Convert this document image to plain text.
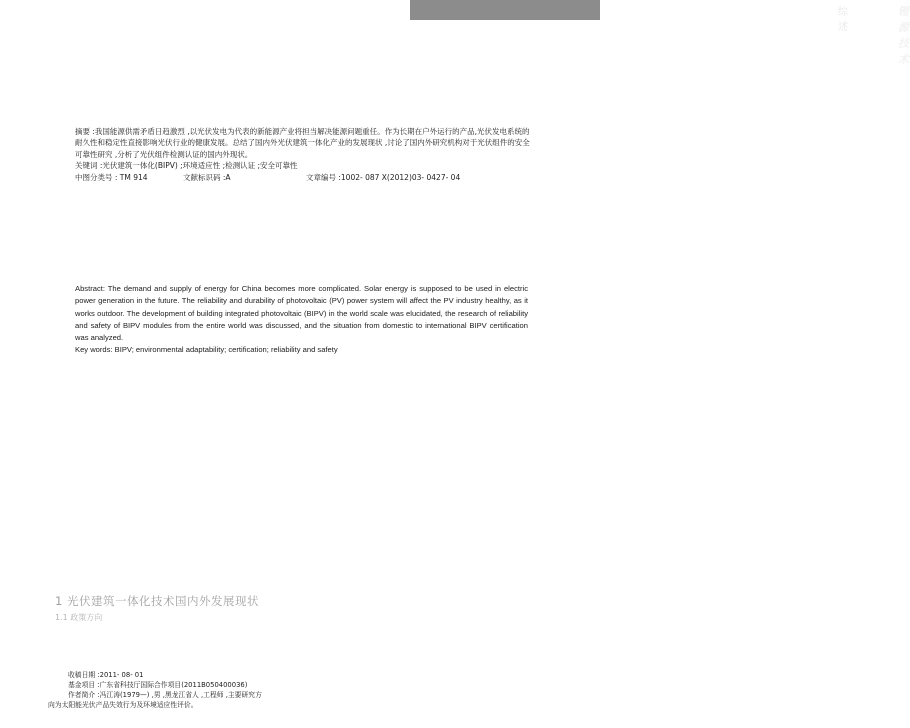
综述
锂源技术

摘要 :我国能源供需矛盾日趋激烈 ,以光伏发电为代表的新能源产业将担当解决能源问题重任。作为长期在户外运行的产品,光伏发电系统的耐久性和稳定性直接影响光伏行业的健康发展。总结了国内外光伏建筑一体化产业的发展现状 ,讨论了国内外研究机构对于光伏组件的安全可靠性研究 ,分析了光伏组件检测认证的国内外现状。

关键词 :光伏建筑一体化(BIPV) ;环境适应性 ;检测认证 ;安全可靠性

中图分类号 : TM 914	文献标识码 :A	文章编号 :1002- 087 X(2012)03- 0427- 04

Abstract: The demand and supply of energy for China becomes more complicated. Solar energy is supposed to be used in electric power generation in the future. The reliability and durability of photovoltaic (PV) power system will affect the PV industry healthy, as it works outdoor. The development of building integrated photovoltaic (BIPV) in the world scale was elucidated, the research of reliability and safety of BIPV modules from the entire world was discussed, and the situation from domestic to international BIPV certification was analyzed.

Key words: BIPV; environmental adaptability; certification; reliability and safety

1 光伏建筑一体化技术国内外发展现状
1.1 政策方向

收稿日期 :2011- 08- 01

基金项目 :广东省科技厅国际合作项目(2011B050400036)

作者简介 :冯江涛(1979—) ,男 ,黑龙江省人 ,工程师 ,主要研究方

向为太阳能光伏产品失效行为及环境适应性评价。
